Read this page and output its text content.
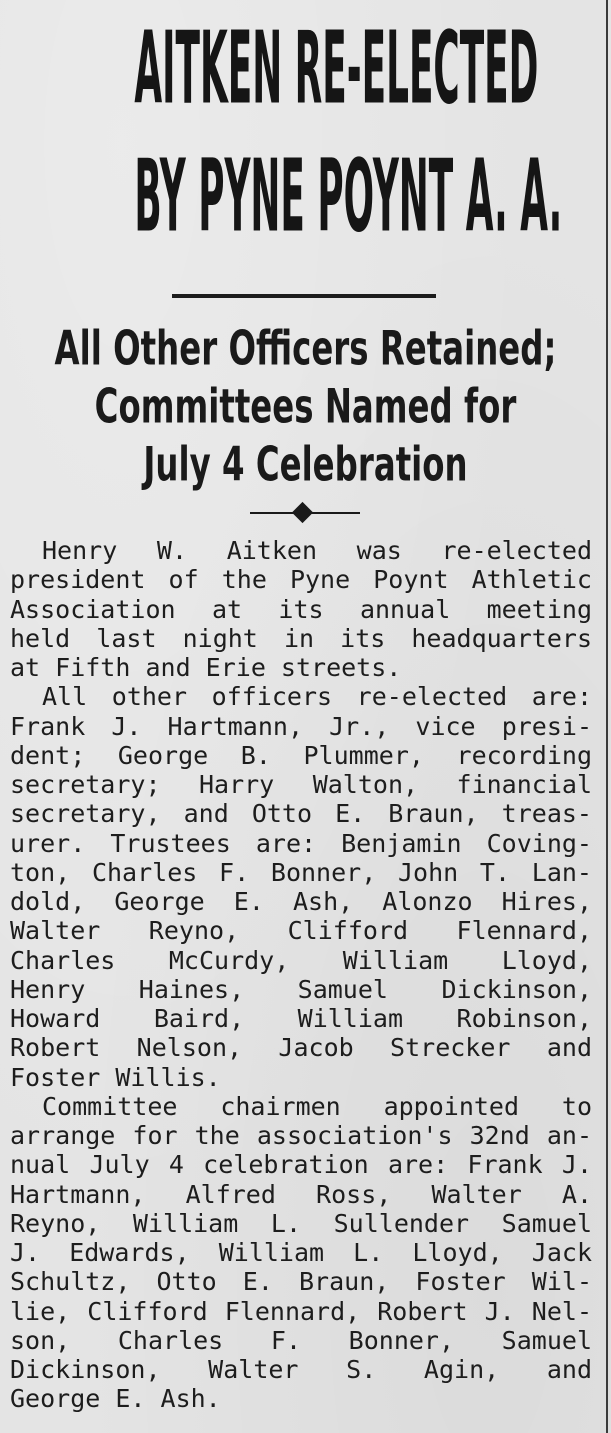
AITKEN RE-ELECTED
BY PYNE POYNT A. A.
All Other Officers Retained;
Committees Named for
July 4 Celebration

Henry W. Aitken was re-elected

president of the Pyne Poynt Athletic

Association at its annual meeting

held last night in its headquarters

at Fifth and Erie streets.

All other officers re-elected are:

Frank J. Hartmann, Jr., vice presi-

dent; George B. Plummer, recording

secretary; Harry Walton, financial

secretary, and Otto E. Braun, treas-

urer. Trustees are: Benjamin Coving-

ton, Charles F. Bonner, John T. Lan-

dold, George E. Ash, Alonzo Hires,

Walter Reyno, Clifford Flennard,

Charles McCurdy, William Lloyd,

Henry Haines, Samuel Dickinson,

Howard Baird, William Robinson,

Robert Nelson, Jacob Strecker and

Foster Willis.

Committee chairmen appointed to

arrange for the association's 32nd an-

nual July 4 celebration are: Frank J.

Hartmann, Alfred Ross, Walter A.

Reyno, William L. Sullender Samuel

J. Edwards, William L. Lloyd, Jack

Schultz, Otto E. Braun, Foster Wil-

lie, Clifford Flennard, Robert J. Nel-

son, Charles F. Bonner, Samuel

Dickinson, Walter S. Agin, and

George E. Ash.
